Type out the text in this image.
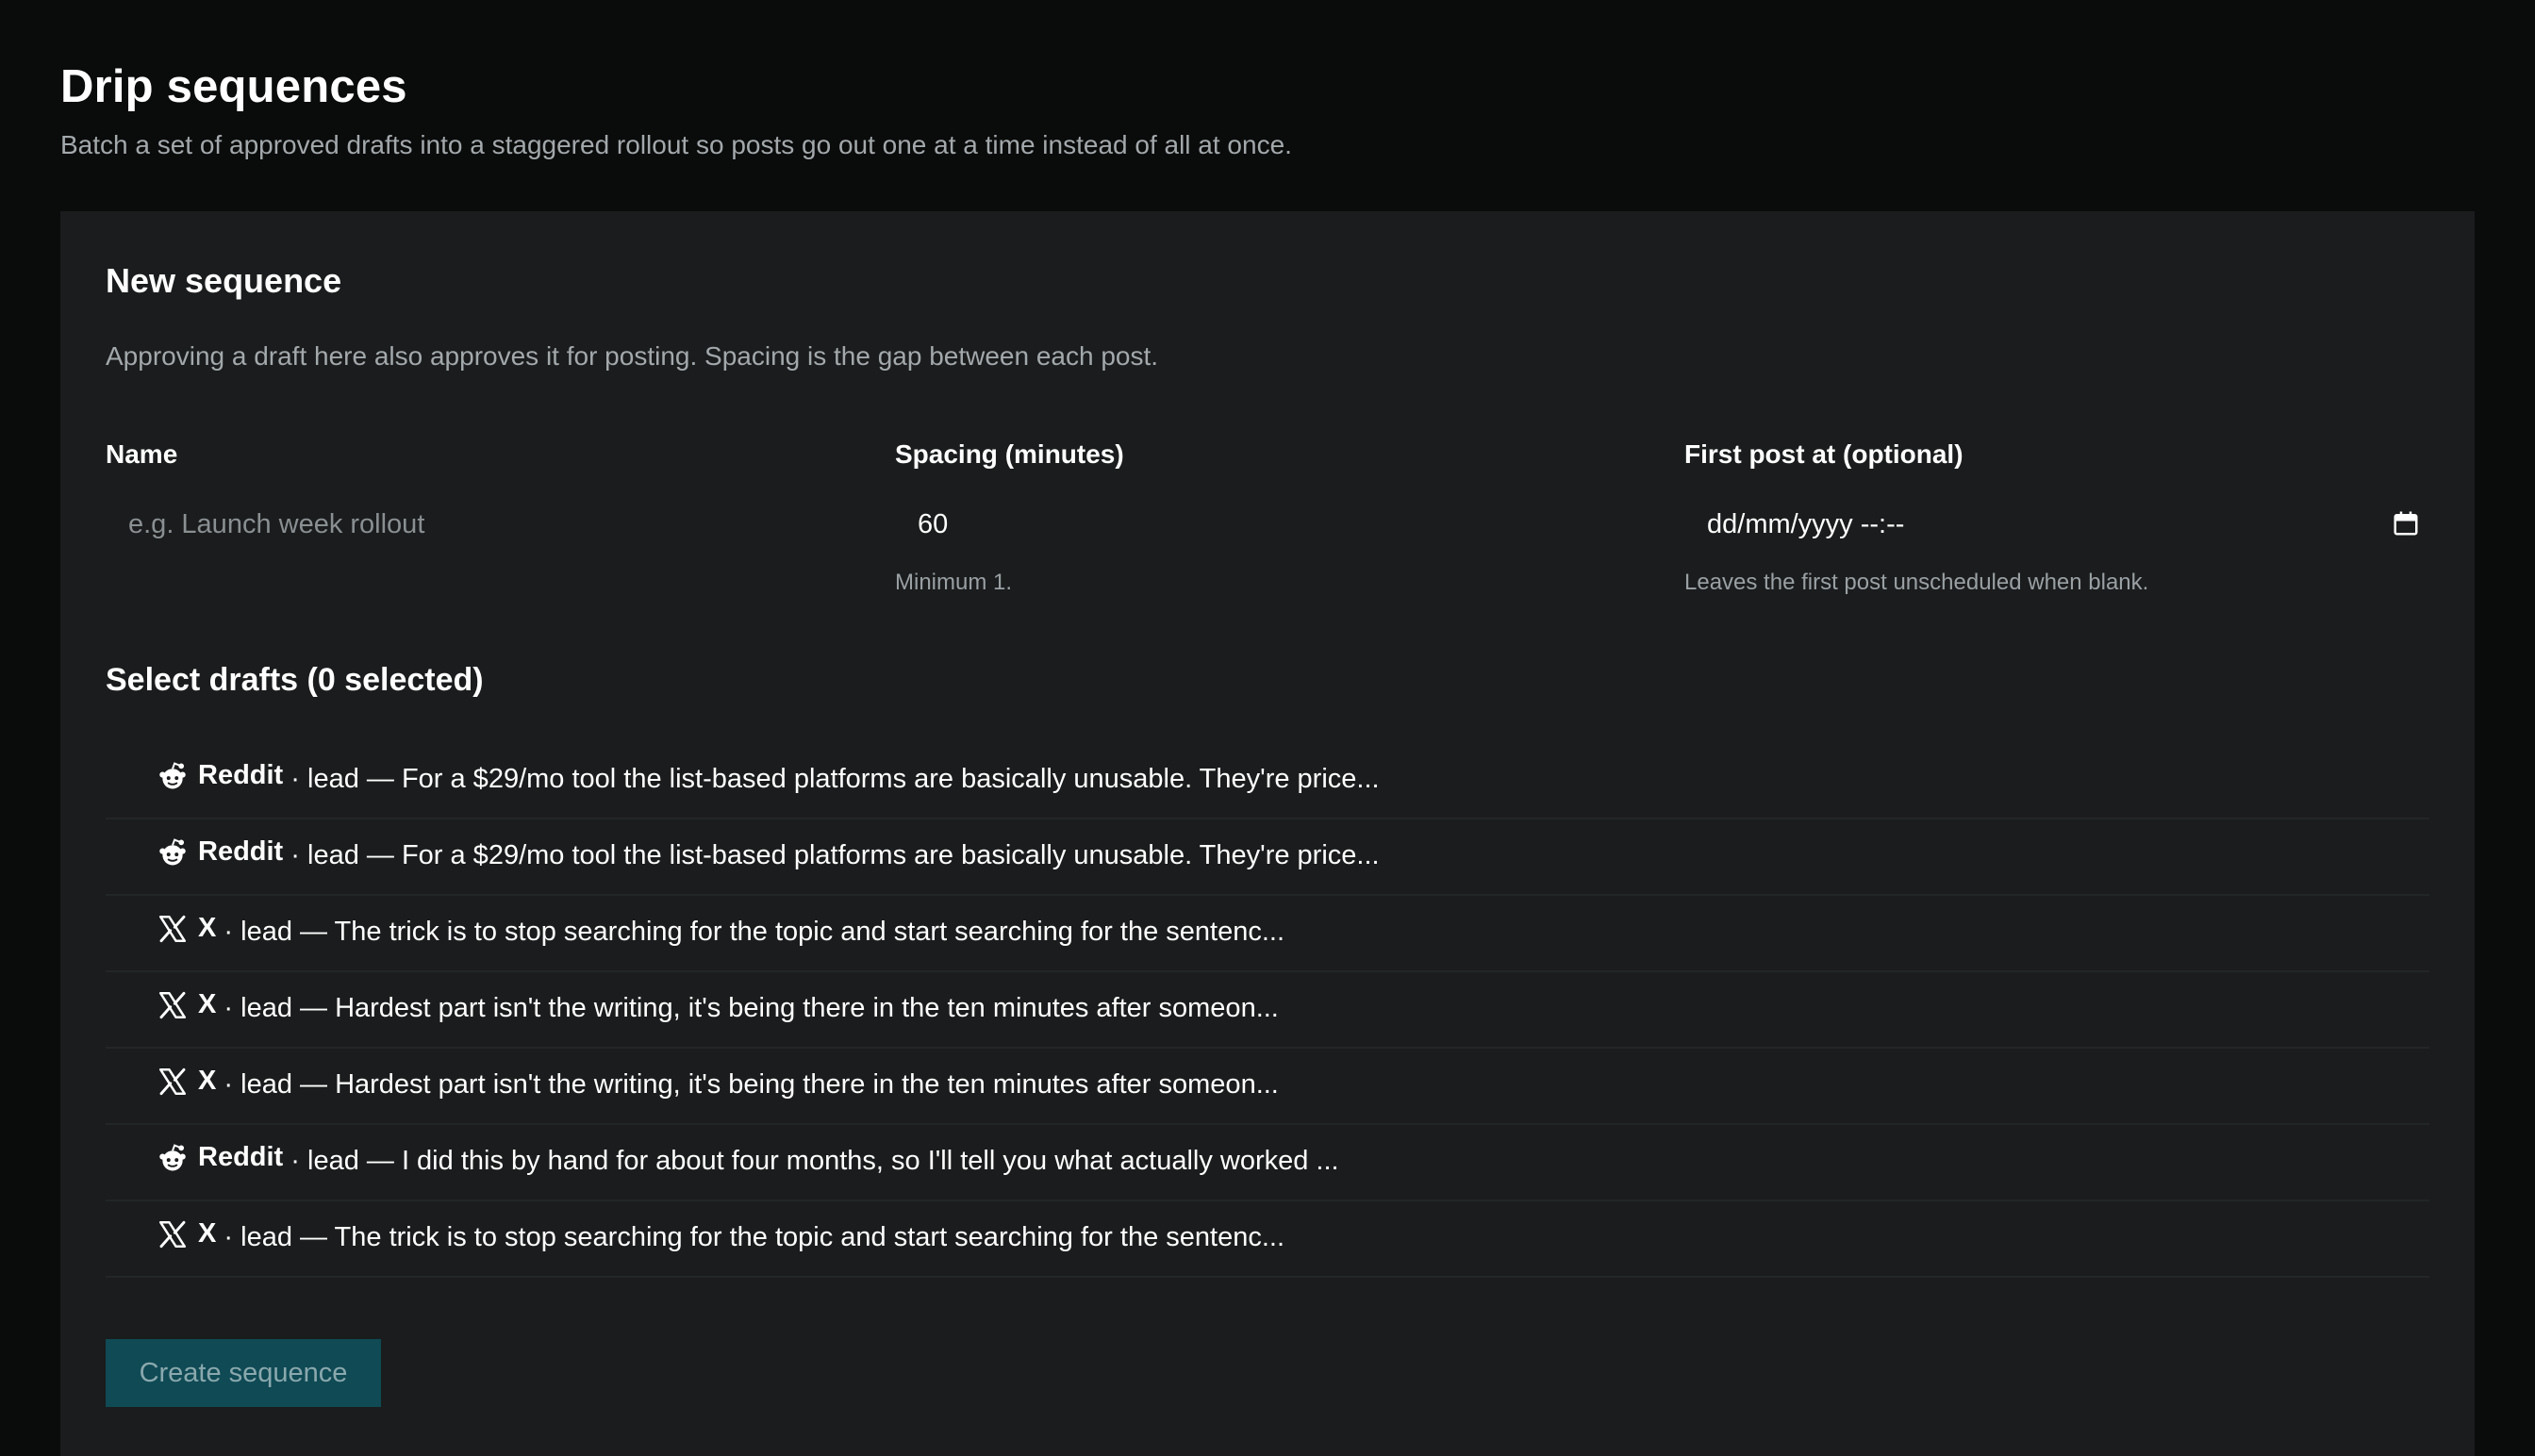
Drip sequences
Batch a set of approved drafts into a staggered rollout so posts go out one at a time instead of all at once.
New sequence
Approving a draft here also approves it for posting. Spacing is the gap between each post.
Name
e.g. Launch week rollout	Spacing (minutes)
60
Minimum 1.
First post at (optional)
dd/mm/yyyy --:--
Leaves the first post unscheduled when blank.
Select drafts (0 selected)
Reddit · lead — For a $29/mo tool the list-based platforms are basically unusable. They're price...
Reddit · lead — For a $29/mo tool the list-based platforms are basically unusable. They're price...
X · lead — The trick is to stop searching for the topic and start searching for the sentenc...
X · lead — Hardest part isn't the writing, it's being there in the ten minutes after someon...
X · lead — Hardest part isn't the writing, it's being there in the ten minutes after someon...
Reddit · lead — I did this by hand for about four months, so I'll tell you what actually worked ...
X · lead — The trick is to stop searching for the topic and start searching for the sentenc...
Create sequence
